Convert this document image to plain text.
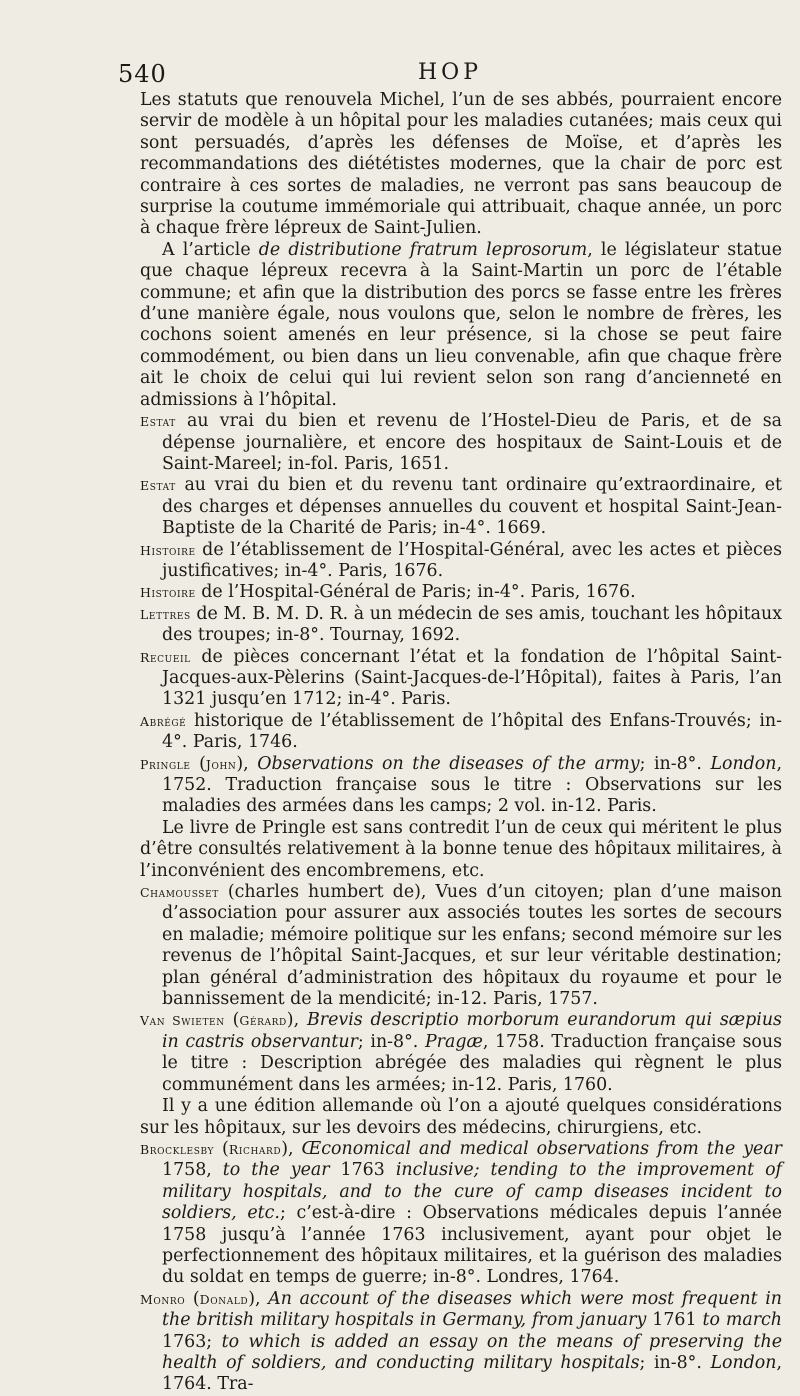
540	HOP

Les statuts que renouvela Michel, l’un de ses abbés, pourraient encore servir de modèle à un hôpital pour les maladies cutanées; mais ceux qui sont persuadés, d’après les défenses de Moïse, et d’après les recommandations des diététistes modernes, que la chair de porc est contraire à ces sortes de maladies, ne verront pas sans beaucoup de surprise la coutume immémoriale qui attribuait, chaque année, un porc à chaque frère lépreux de Saint-Julien.

A l’article de distributione fratrum leprosorum, le législateur statue que chaque lépreux recevra à la Saint-Martin un porc de l’étable commune; et afin que la distribution des porcs se fasse entre les frères d’une manière égale, nous voulons que, selon le nombre de frères, les cochons soient amenés en leur présence, si la chose se peut faire commodément, ou bien dans un lieu convenable, afin que chaque frère ait le choix de celui qui lui revient selon son rang d’ancienneté en admissions à l’hôpital.

Estat au vrai du bien et revenu de l’Hostel-Dieu de Paris, et de sa dépense journalière, et encore des hospitaux de Saint-Louis et de Saint-Mareel; in-fol. Paris, 1651.

Estat au vrai du bien et du revenu tant ordinaire qu’extraordinaire, et des charges et dépenses annuelles du couvent et hospital Saint-Jean-Baptiste de la Charité de Paris; in-4°. 1669.

Histoire de l’établissement de l’Hospital-Général, avec les actes et pièces justificatives; in-4°. Paris, 1676.

Histoire de l’Hospital-Général de Paris; in-4°. Paris, 1676.

Lettres de M. B. M. D. R. à un médecin de ses amis, touchant les hôpitaux des troupes; in-8°. Tournay, 1692.

Recueil de pièces concernant l’état et la fondation de l’hôpital Saint-Jacques-aux-Pèlerins (Saint-Jacques-de-l’Hôpital), faites à Paris, l’an 1321 jusqu’en 1712; in-4°. Paris.

Abrégé historique de l’établissement de l’hôpital des Enfans-Trouvés; in-4°. Paris, 1746.

Pringle (John), Observations on the diseases of the army; in-8°. London, 1752. Traduction française sous le titre : Observations sur les maladies des armées dans les camps; 2 vol. in-12. Paris.

Le livre de Pringle est sans contredit l’un de ceux qui méritent le plus d’être consultés relativement à la bonne tenue des hôpitaux militaires, à l’inconvénient des encombremens, etc.

Chamousset (charles humbert de), Vues d’un citoyen; plan d’une maison d’association pour assurer aux associés toutes les sortes de secours en maladie; mémoire politique sur les enfans; second mémoire sur les revenus de l’hôpital Saint-Jacques, et sur leur véritable destination; plan général d’administration des hôpitaux du royaume et pour le bannissement de la mendicité; in-12. Paris, 1757.

Van Swieten (Gérard), Brevis descriptio morborum eurandorum qui sæpius in castris observantur; in-8°. Pragæ, 1758. Traduction française sous le titre : Description abrégée des maladies qui règnent le plus communément dans les armées; in-12. Paris, 1760.

Il y a une édition allemande où l’on a ajouté quelques considérations sur les hôpitaux, sur les devoirs des médecins, chirurgiens, etc.

Brocklesby (Richard), Œconomical and medical observations from the year 1758, to the year 1763 inclusive; tending to the improvement of military hospitals, and to the cure of camp diseases incident to soldiers, etc.; c’est-à-dire : Observations médicales depuis l’année 1758 jusqu’à l’année 1763 inclusivement, ayant pour objet le perfectionnement des hôpitaux militaires, et la guérison des maladies du soldat en temps de guerre; in-8°. Londres, 1764.

Monro (Donald), An account of the diseases which were most frequent in the british military hospitals in Germany, from january 1761 to march 1763; to which is added an essay on the means of preserving the health of soldiers, and conducting military hospitals; in-8°. London, 1764. Tra-
